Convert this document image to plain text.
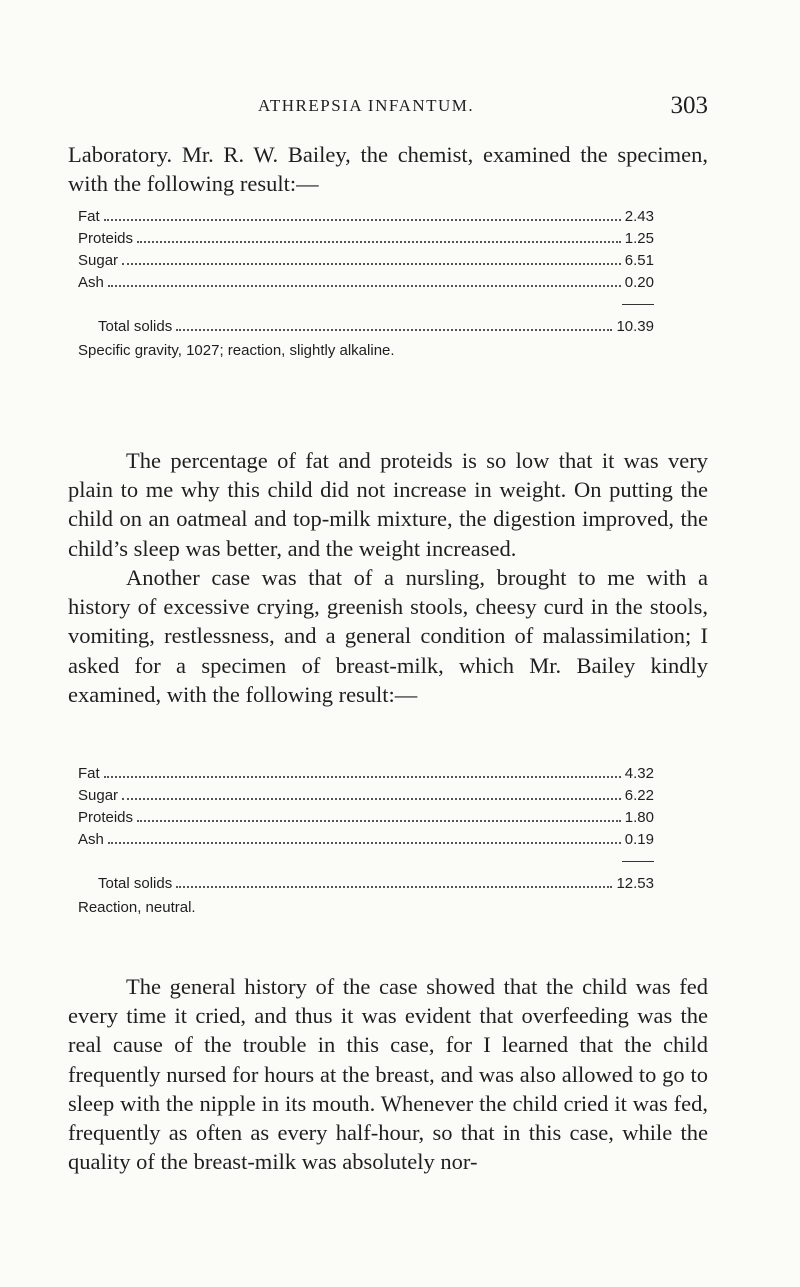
ATHREPSIA INFANTUM.	303

Laboratory. Mr. R. W. Bailey, the chemist, examined the specimen, with the following result:—

Fat	2.43
Proteids	1.25
Sugar	6.51
Ash	0.20
Total solids	10.39
Specific gravity, 1027; reaction, slightly alkaline.

The percentage of fat and proteids is so low that it was very plain to me why this child did not increase in weight. On putting the child on an oatmeal and top-milk mixture, the digestion improved, the child’s sleep was better, and the weight increased.

Another case was that of a nursling, brought to me with a history of excessive crying, greenish stools, cheesy curd in the stools, vomiting, restlessness, and a general condition of malassimilation; I asked for a specimen of breast-milk, which Mr. Bailey kindly examined, with the following result:—

Fat	4.32
Sugar	6.22
Proteids	1.80
Ash	0.19
Total solids	12.53
Reaction, neutral.

The general history of the case showed that the child was fed every time it cried, and thus it was evident that overfeeding was the real cause of the trouble in this case, for I learned that the child frequently nursed for hours at the breast, and was also allowed to go to sleep with the nipple in its mouth. Whenever the child cried it was fed, frequently as often as every half-hour, so that in this case, while the quality of the breast-milk was absolutely nor-
